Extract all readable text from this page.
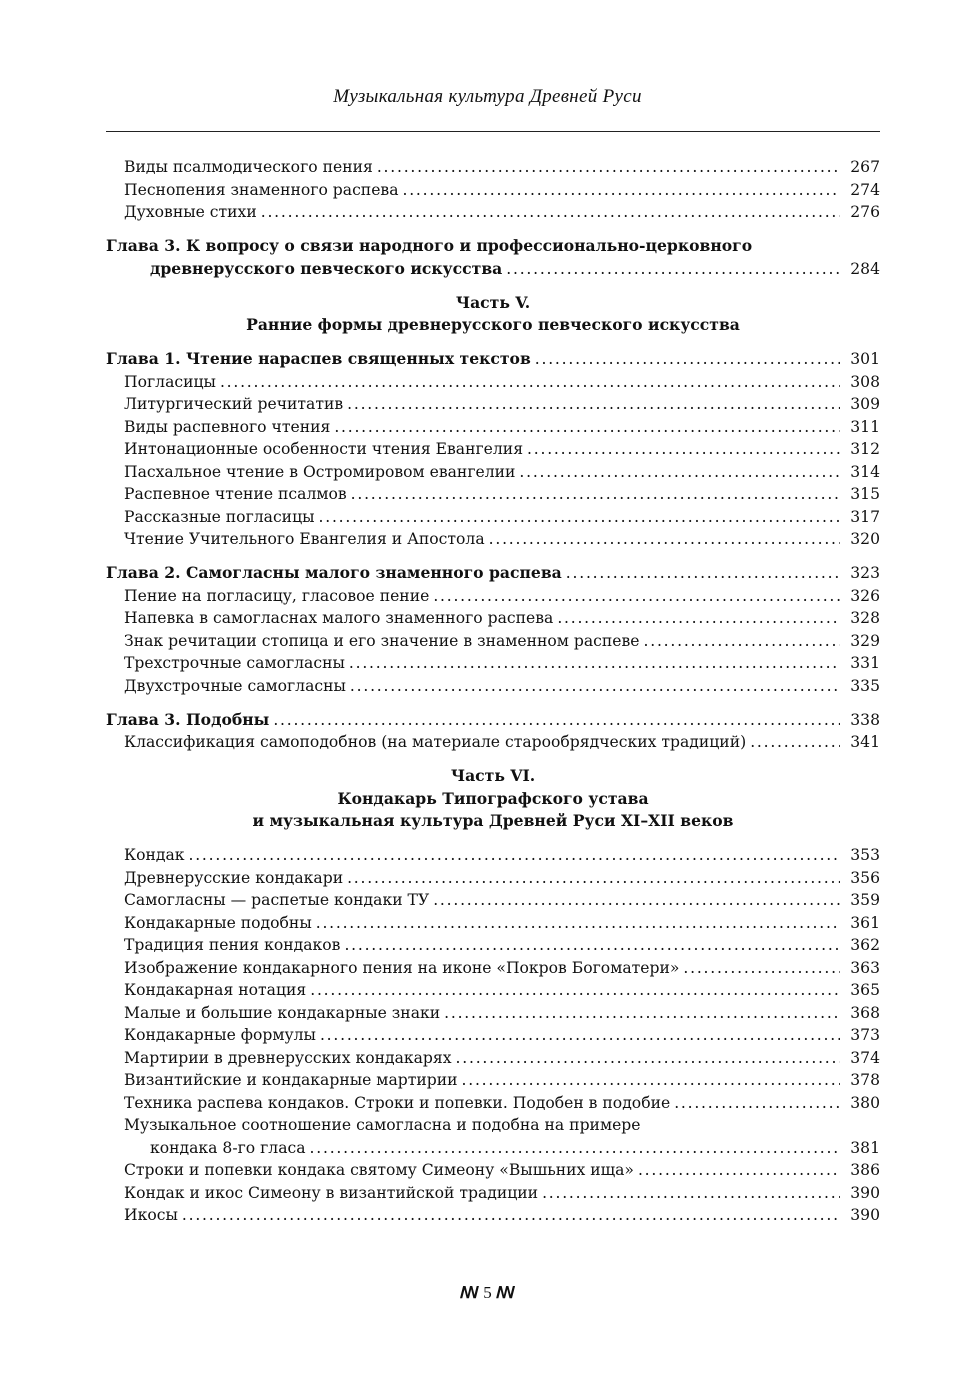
Музыкальная культура Древней Руси
Виды псалмодического пения . . .	267
Песнопения знаменного распева . . .	274
Духовные стихи . . .	276
Глава 3. К вопросу о связи народного и профессионально-церковного
древнерусского певческого искусства . . .	284
Часть V.
Ранние формы древнерусского певческого искусства
Глава 1. Чтение нараспев священных текстов . . .	301
Погласицы . . .	308
Литургический речитатив . . .	309
Виды распевного чтения . . .	311
Интонационные особенности чтения Евангелия . . .	312
Пасхальное чтение в Остромировом евангелии . . .	314
Распевное чтение псалмов . . .	315
Рассказные погласицы . . .	317
Чтение Учительного Евангелия и Апостола . . .	320
Глава 2. Самогласны малого знаменного распева . . .	323
Пение на погласицу, гласовое пение . . .	326
Напевка в самогласнах малого знаменного распева . . .	328
Знак речитации стопица и его значение в знаменном распеве . . .	329
Трехстрочные самогласны . . .	331
Двухстрочные самогласны . . .	335
Глава 3. Подобны . . .	338
Классификация самоподобнов (на материале старообрядческих традиций) . . .	341
Часть VI.
Кондакарь Типографского устава
и музыкальная культура Древней Руси XI–XII веков
Кондак . . .	353
Древнерусские кондакари . . .	356
Самогласны — распетые кондаки ТУ . . .	359
Кондакарные подобны . . .	361
Традиция пения кондаков . . .	362
Изображение кондакарного пения на иконе «Покров Богоматери» . . .	363
Кондакарная нотация . . .	365
Малые и большие кондакарные знаки . . .	368
Кондакарные формулы . . .	373
Мартирии в древнерусских кондакарях . . .	374
Византийские и кондакарные мартирии . . .	378
Техника распева кондаков. Строки и попевки. Подобен в подобие . . .	380
Музыкальное соотношение самогласна и подобна на примере
кондака 8-го гласа . . .	381
Строки и попевки кондака святому Симеону «Вышьних ища» . . .	386
Кондак и икос Симеону в византийской традиции . . .	390
Икосы . . .	390
ꟿ 5 ꟿ
